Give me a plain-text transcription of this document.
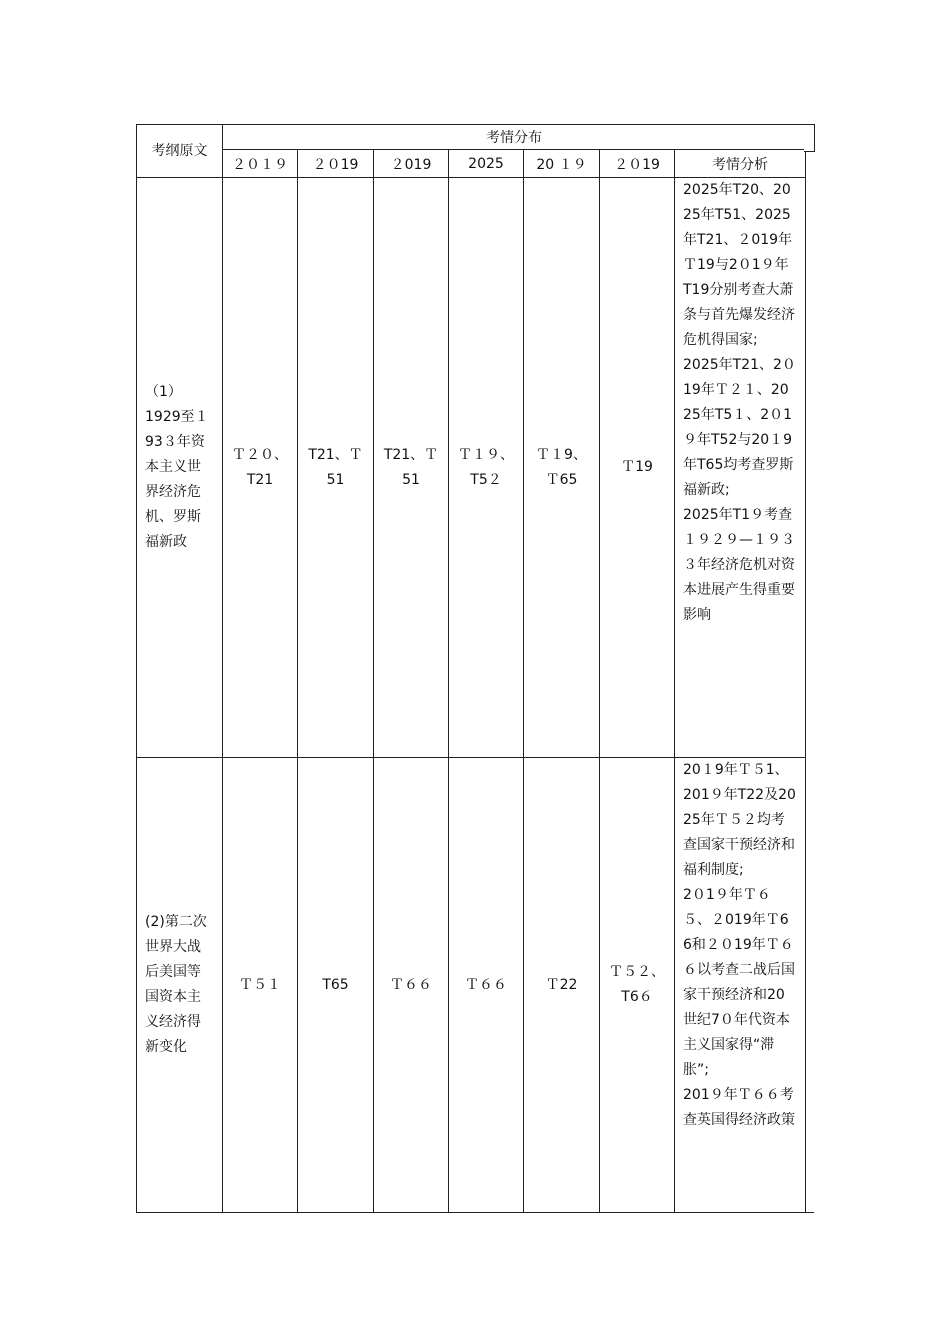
考纲原文	考情分布						
	２０１９	２０19	２019	2025	20 １９	２０19	考情分析

（1）1929至１93３年资本主义世界经济危机、罗斯福新政	Ｔ２０、T21	T21、Ｔ51	T21、Ｔ51	Ｔ１９、T5２	Ｔ１9、Ｔ65	Ｔ19	2025年T20、2025年T51、2025年T21、２019年Ｔ19与2０1９年T19分别考查大萧条与首先爆发经济危机得国家;
2025年T21、2０19年Ｔ２１、2025年T5１、2０1９年T52与20１9年T65均考查罗斯福新政;
2025年T1９考查１９２９—１９３３年经济危机对资本进展产生得重要影响

(2)第二次世界大战后美国等国资本主义经济得新变化	Ｔ５１	T65	Ｔ６６	Ｔ６６	Ｔ22	Ｔ５２、T6６	20１9年Ｔ５1、201９年T22及2025年Ｔ５２均考查国家干预经济和福利制度;
2０1９年Ｔ６５、２019年Ｔ66和２０19年Ｔ６６以考查二战后国家干预经济和20世纪7０年代资本主义国家得“滞胀”;
201９年Ｔ６６考查英国得经济政策
